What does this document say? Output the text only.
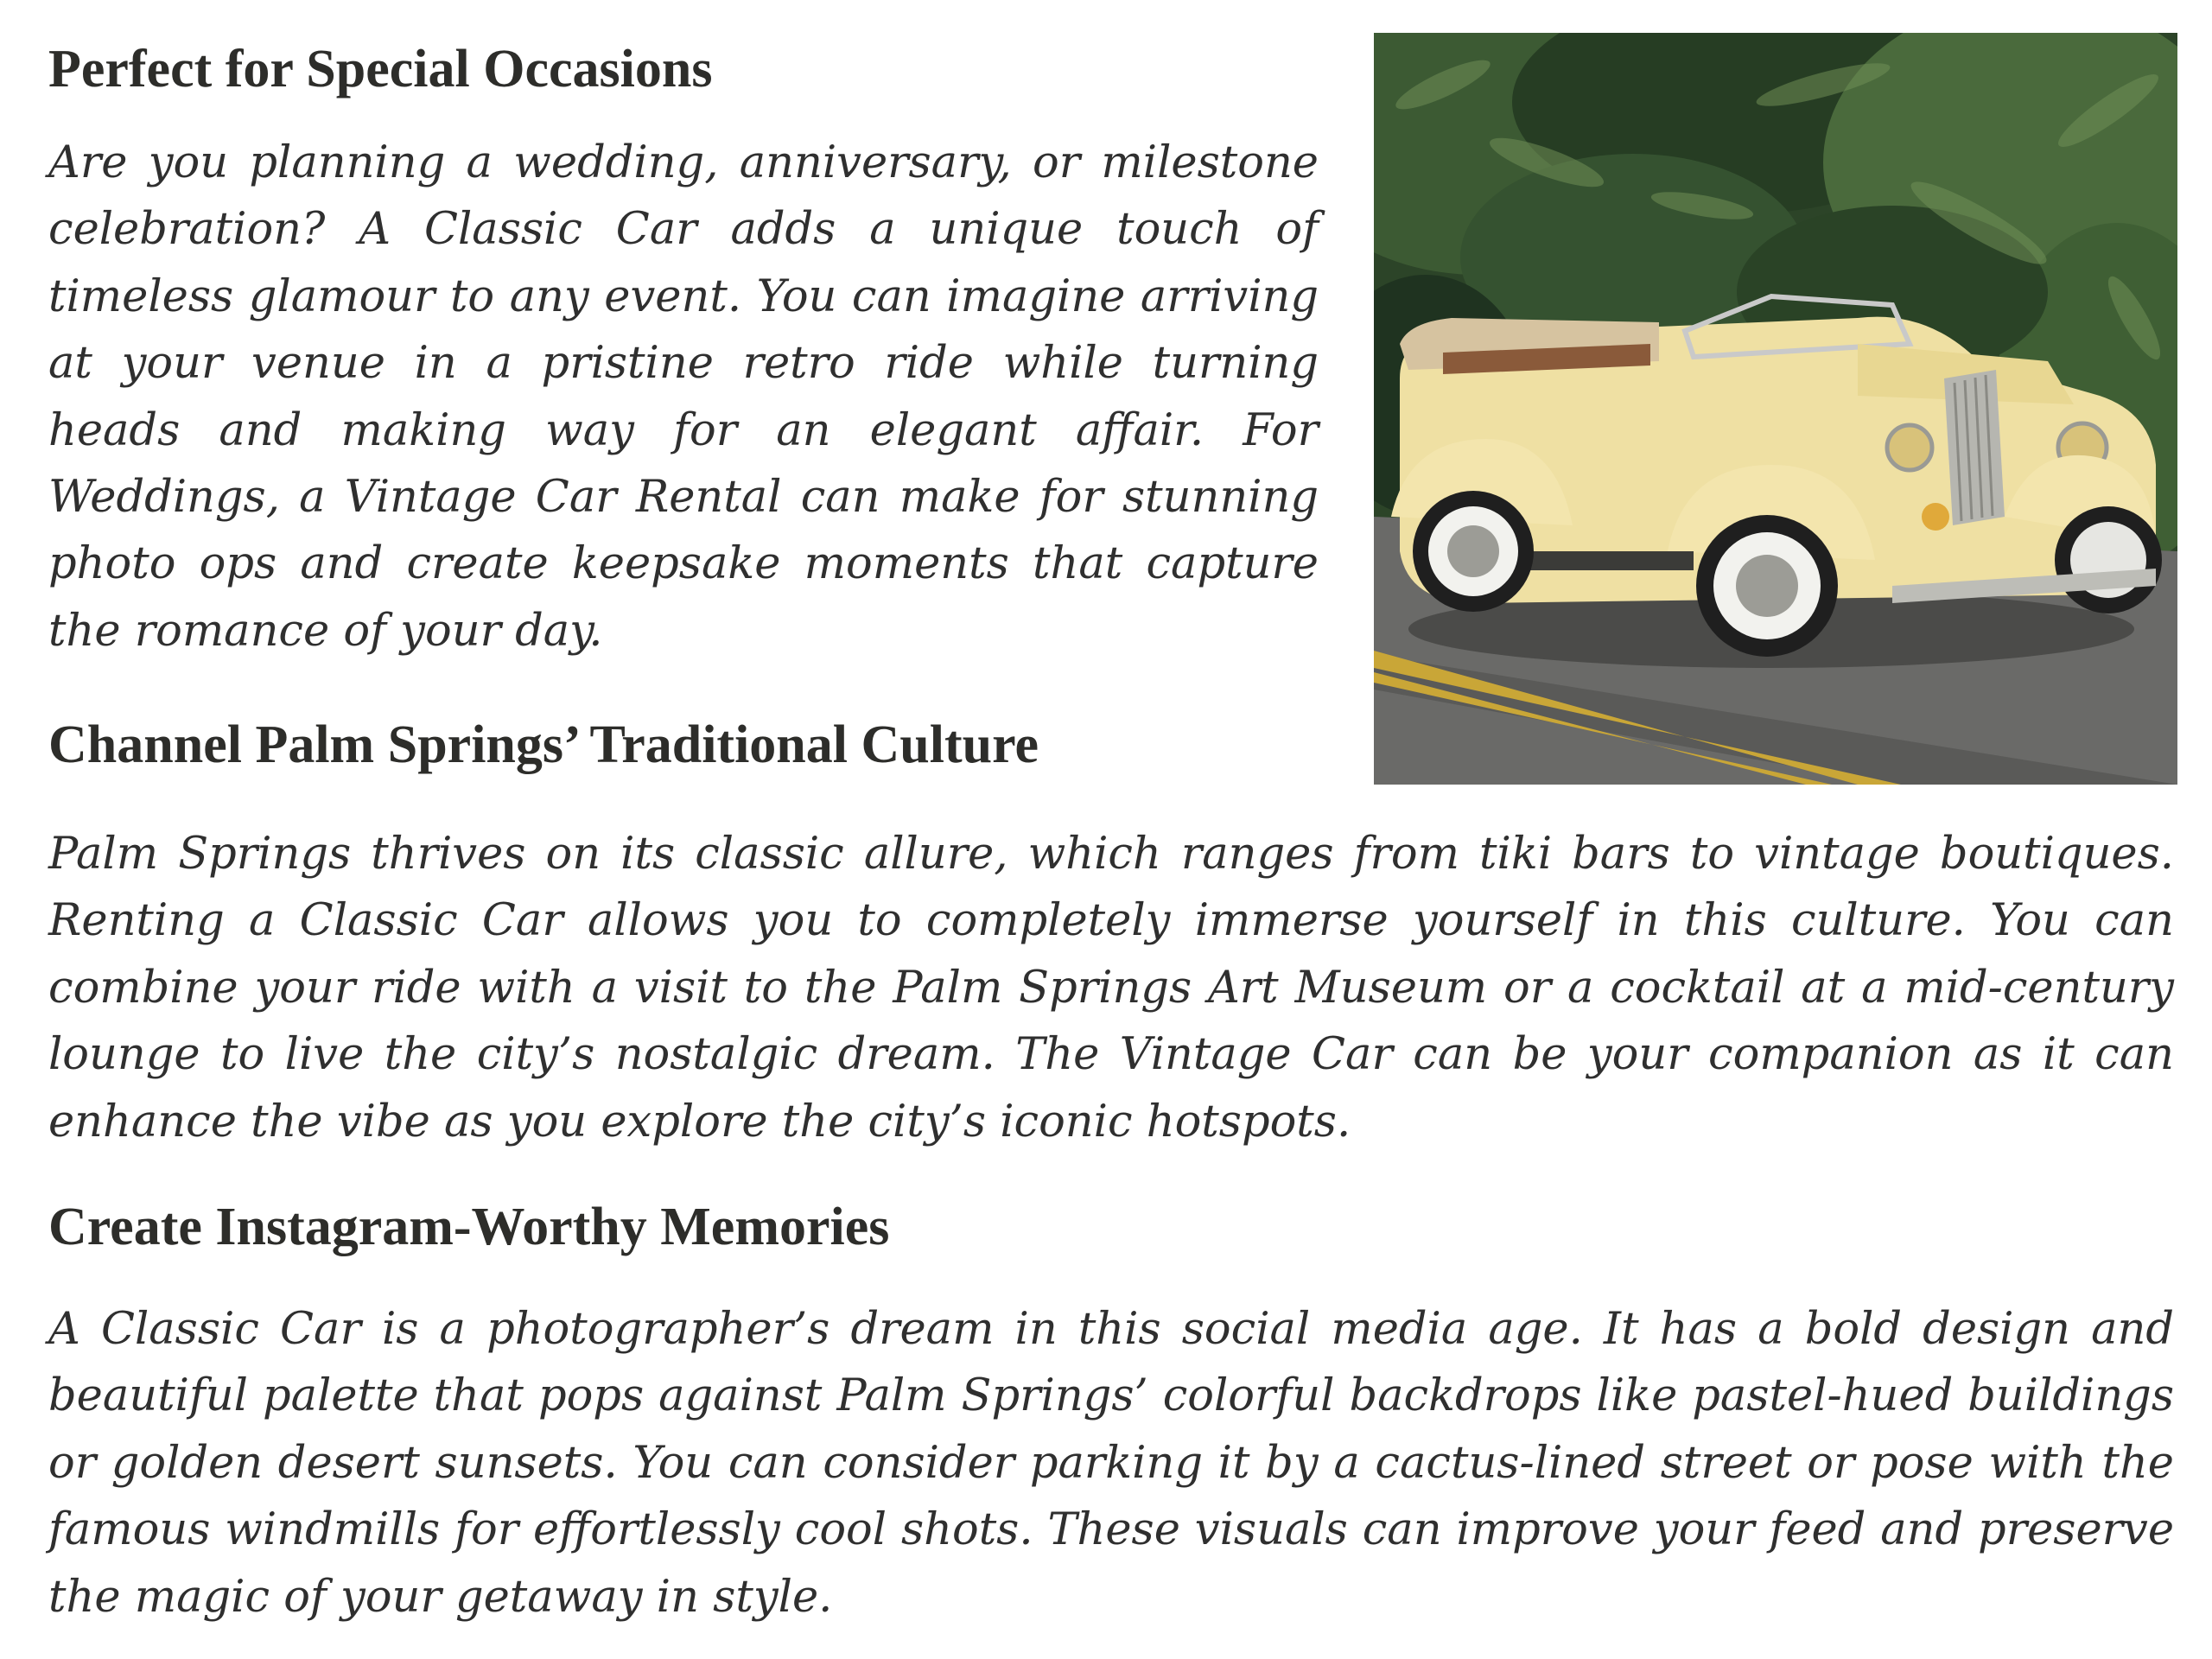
Perfect for Special Occasions

Are you planning a wedding, anniversary, or milestone celebration? A Classic Car adds a unique touch of timeless glamour to any event. You can imagine arriving at your venue in a pristine retro ride while turning heads and making way for an elegant affair. For Weddings, a Vintage Car Rental can make for stunning photo ops and create keepsake moments that capture the romance of your day.

Channel Palm Springs’ Traditional Culture

Palm Springs thrives on its classic allure, which ranges from tiki bars to vintage boutiques. Renting a Classic Car allows you to completely immerse yourself in this culture. You can combine your ride with a visit to the Palm Springs Art Museum or a cocktail at a mid-century lounge to live the city’s nostalgic dream. The Vintage Car can be your companion as it can enhance the vibe as you explore the city’s iconic hotspots.

Create Instagram-Worthy Memories

A Classic Car is a photographer’s dream in this social media age. It has a bold design and beautiful palette that pops against Palm Springs’ colorful backdrops like pastel-hued buildings or golden desert sunsets. You can consider parking it by a cactus-lined street or pose with the famous windmills for effortlessly cool shots. These visuals can improve your feed and preserve the magic of your getaway in style.
